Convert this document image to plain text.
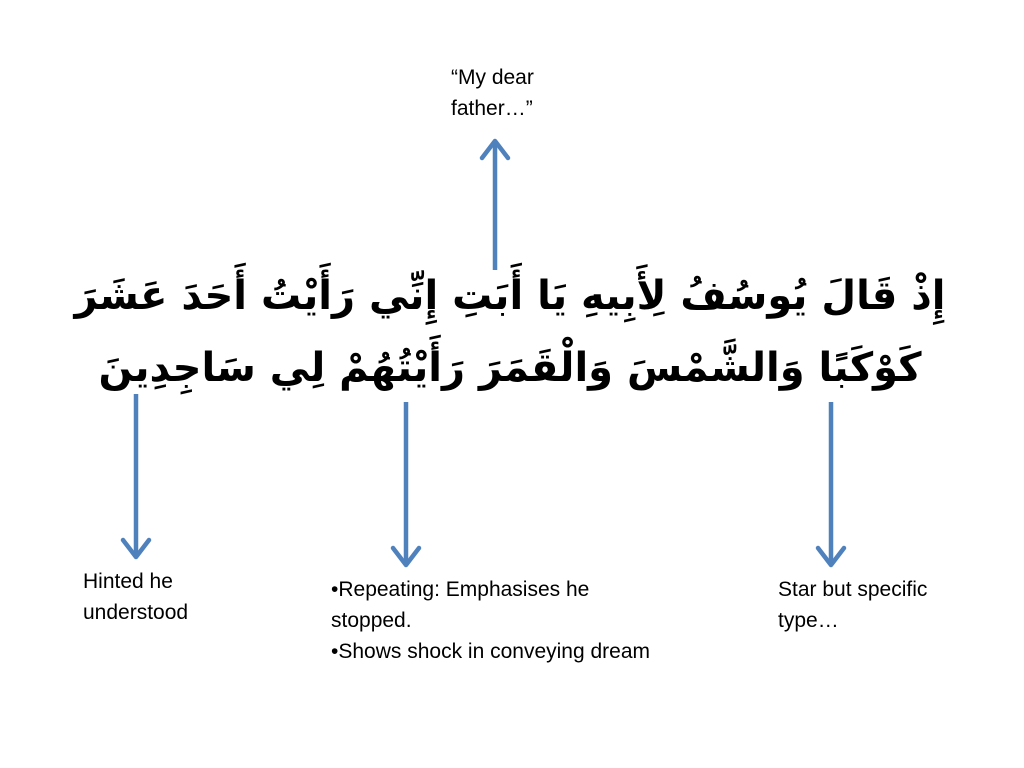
“My dear
father…”
إِذْ قَالَ يُوسُفُ لِأَبِيهِ يَا أَبَتِ إِنِّي رَأَيْتُ أَحَدَ عَشَرَ
كَوْكَبًا وَالشَّمْسَ وَالْقَمَرَ رَأَيْتُهُمْ لِي سَاجِدِينَ
Hinted he
understood
•Repeating: Emphasises he
stopped.
•Shows shock in conveying dream
Star but specific
type…
